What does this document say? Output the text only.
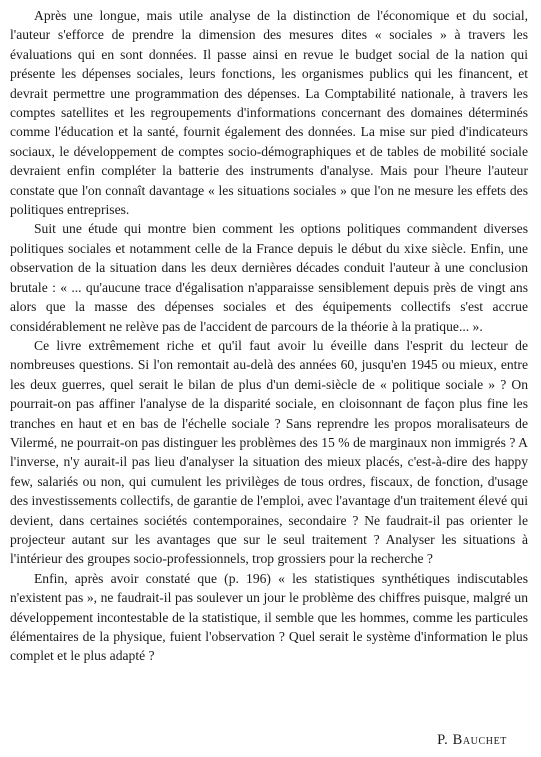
Après une longue, mais utile analyse de la distinction de l'économique et du social, l'auteur s'efforce de prendre la dimension des mesures dites « sociales » à travers les évaluations qui en sont données. Il passe ainsi en revue le budget social de la nation qui présente les dépenses sociales, leurs fonctions, les organismes publics qui les financent, et devrait permettre une programmation des dépenses. La Comptabilité nationale, à travers les comptes satellites et les regroupements d'informations concernant des domaines déterminés comme l'éducation et la santé, fournit également des données. La mise sur pied d'indicateurs sociaux, le développement de comptes socio-démographiques et de tables de mobilité sociale devraient enfin compléter la batterie des instruments d'analyse. Mais pour l'heure l'auteur constate que l'on connaît davantage « les situations sociales » que l'on ne mesure les effets des politiques entreprises.

Suit une étude qui montre bien comment les options politiques commandent diverses politiques sociales et notamment celle de la France depuis le début du xixe siècle. Enfin, une observation de la situation dans les deux dernières décades conduit l'auteur à une conclusion brutale : « ... qu'aucune trace d'égalisation n'apparaisse sensiblement depuis près de vingt ans alors que la masse des dépenses sociales et des équipements collectifs s'est accrue considérablement ne relève pas de l'accident de parcours de la théorie à la pratique... ».

Ce livre extrêmement riche et qu'il faut avoir lu éveille dans l'esprit du lecteur de nombreuses questions. Si l'on remontait au-delà des années 60, jusqu'en 1945 ou mieux, entre les deux guerres, quel serait le bilan de plus d'un demi-siècle de « politique sociale » ? On pourrait-on pas affiner l'analyse de la disparité sociale, en cloisonnant de façon plus fine les tranches en haut et en bas de l'échelle sociale ? Sans reprendre les propos moralisateurs de Vilermé, ne pourrait-on pas distinguer les problèmes des 15 % de marginaux non immigrés ? A l'inverse, n'y aurait-il pas lieu d'analyser la situation des mieux placés, c'est-à-dire des happy few, salariés ou non, qui cumulent les privilèges de tous ordres, fiscaux, de fonction, d'usage des investissements collectifs, de garantie de l'emploi, avec l'avantage d'un traitement élevé qui devient, dans certaines sociétés contemporaines, secondaire ? Ne faudrait-il pas orienter le projecteur autant sur les avantages que sur le seul traitement ? Analyser les situations à l'intérieur des groupes socio-professionnels, trop grossiers pour la recherche ?

Enfin, après avoir constaté que (p. 196) « les statistiques synthétiques indiscutables n'existent pas », ne faudrait-il pas soulever un jour le problème des chiffres puisque, malgré un développement incontestable de la statistique, il semble que les hommes, comme les particules élémentaires de la physique, fuient l'observation ? Quel serait le système d'information le plus complet et le plus adapté ?

P. Bauchet
